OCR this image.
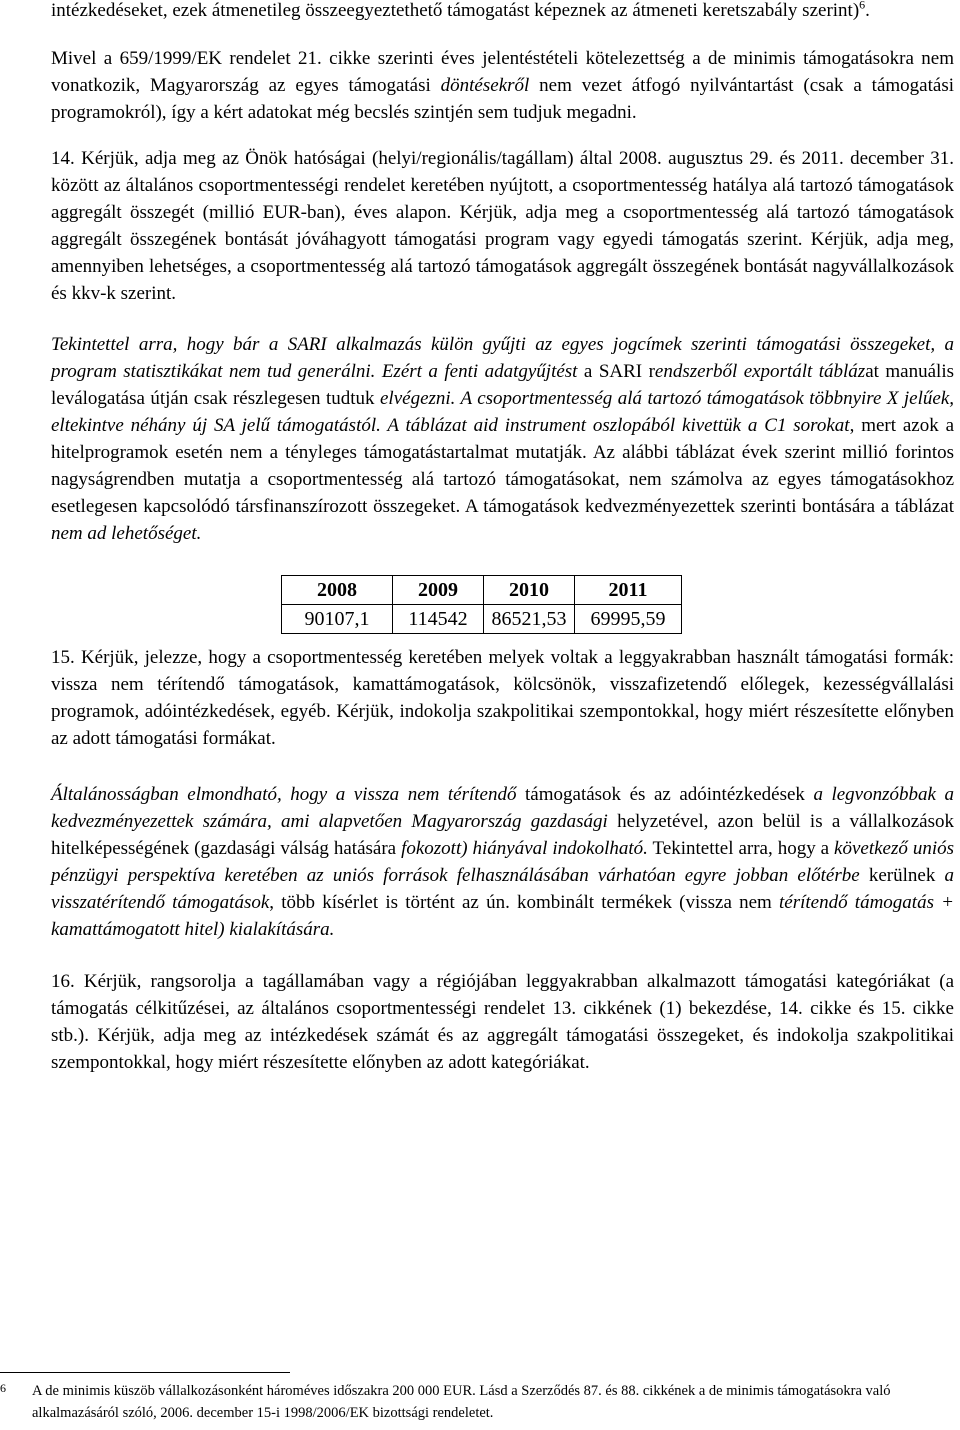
intézkedéseket, ezek átmenetileg összeegyeztethető támogatást képeznek az átmeneti keretszabály szerint)$^6$.

Mivel a 659/1999/EK rendelet 21. cikke szerinti éves jelentéstételi kötelezettség a de minimis támogatásokra nem vonatkozik, Magyarország az egyes támogatási döntésekről nem vezet átfogó nyilvántartást (csak a támogatási programokról), így a kért adatokat még becslés szintjén sem tudjuk megadni.

14. Kérjük, adja meg az Önök hatóságai (helyi/regionális/tagállam) által 2008. augusztus 29. és 2011. december 31. között az általános csoportmentességi rendelet keretében nyújtott, a csoportmentesség hatálya alá tartozó támogatások aggregált összegét (millió EUR-ban), éves alapon. Kérjük, adja meg a csoportmentesség alá tartozó támogatások aggregált összegének bontását jóváhagyott támogatási program vagy egyedi támogatás szerint. Kérjük, adja meg, amennyiben lehetséges, a csoportmentesség alá tartozó támogatások aggregált összegének bontását nagyvállalkozások és kkv-k szerint.

Tekintettel arra, hogy bár a SARI alkalmazás külön gyűjti az egyes jogcímek szerinti támogatási összegeket, a program statisztikákat nem tud generálni. Ezért a fenti adatgyűjtést a SARI rendszerből exportált táblázat manuális leválogatása útján csak részlegesen tudtuk elvégezni. A csoportmentesség alá tartozó támogatások többnyire X jelűek, eltekintve néhány új SA jelű támogatástól. A táblázat aid instrument oszlopából kivettük a C1 sorokat, mert azok a hitelprogramok esetén nem a tényleges támogatástartalmat mutatják. Az alábbi táblázat évek szerint millió forintos nagyságrendben mutatja a csoportmentesség alá tartozó támogatásokat, nem számolva az egyes támogatásokhoz esetlegesen kapcsolódó társfinanszírozott összegeket. A támogatások kedvezményezettek szerinti bontására a táblázat nem ad lehetőséget.

2008	2009	2010	2011
90107,1	114542	86521,53	69995,59

15. Kérjük, jelezze, hogy a csoportmentesség keretében melyek voltak a leggyakrabban használt támogatási formák: vissza nem térítendő támogatások, kamattámogatások, kölcsönök, visszafizetendő előlegek, kezességvállalási programok, adóintézkedések, egyéb. Kérjük, indokolja szakpolitikai szempontokkal, hogy miért részesítette előnyben az adott támogatási formákat.

Általánosságban elmondható, hogy a vissza nem térítendő támogatások és az adóintézkedések a legvonzóbbak a kedvezményezettek számára, ami alapvetően Magyarország gazdasági helyzetével, azon belül is a vállalkozások hitelképességének (gazdasági válság hatására fokozott) hiányával indokolható. Tekintettel arra, hogy a következő uniós pénzügyi perspektíva keretében az uniós források felhasználásában várhatóan egyre jobban előtérbe kerülnek a visszatérítendő támogatások, több kísérlet is történt az ún. kombinált termékek (vissza nem térítendő támogatás + kamattámogatott hitel) kialakítására.

16. Kérjük, rangsorolja a tagállamában vagy a régiójában leggyakrabban alkalmazott támogatási kategóriákat (a támogatás célkitűzései, az általános csoportmentességi rendelet 13. cikkének (1) bekezdése, 14. cikke és 15. cikke stb.). Kérjük, adja meg az intézkedések számát és az aggregált támogatási összegeket, és indokolja szakpolitikai szempontokkal, hogy miért részesítette előnyben az adott kategóriákat.

6 A de minimis küszöb vállalkozásonként hároméves időszakra 200 000 EUR. Lásd a Szerződés 87. és 88. cikkének a de minimis támogatásokra való alkalmazásáról szóló, 2006. december 15-i 1998/2006/EK bizottsági rendeletet.
